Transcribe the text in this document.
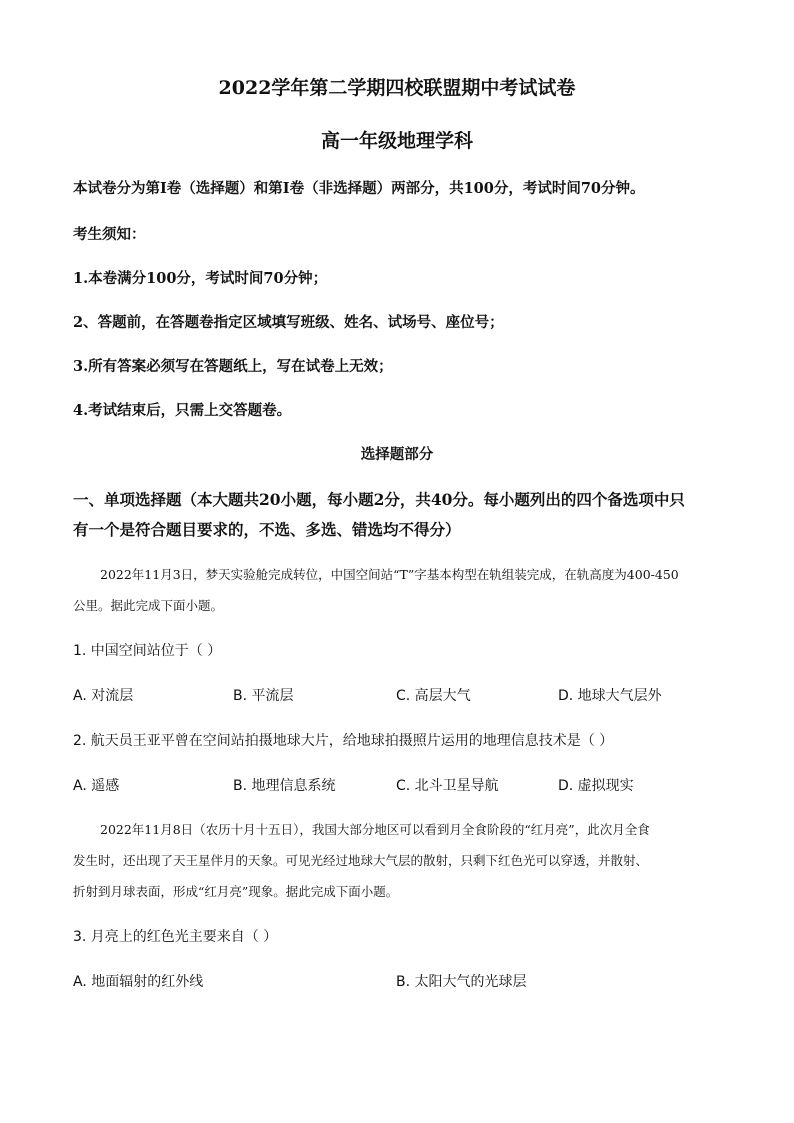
2022学年第二学期四校联盟期中考试试卷
高一年级地理学科
本试卷分为第Ⅰ卷（选择题）和第Ⅰ卷（非选择题）两部分，共100分，考试时间70分钟。
考生须知：
1.本卷满分100分，考试时间70分钟；
2、答题前，在答题卷指定区域填写班级、姓名、试场号、座位号；
3.所有答案必须写在答题纸上，写在试卷上无效；
4.考试结束后，只需上交答题卷。
选择题部分
一、单项选择题（本大题共20小题，每小题2分，共40分。每小题列出的四个备选项中只
有一个是符合题目要求的，不选、多选、错选均不得分）
2022年11月3日，梦天实验舱完成转位，中国空间站“T”字基本构型在轨组装完成，在轨高度为400-450
公里。据此完成下面小题。
1. 中国空间站位于（ ）
A. 对流层	B. 平流层	C. 高层大气	D. 地球大气层外
2. 航天员王亚平曾在空间站拍摄地球大片，给地球拍摄照片运用的地理信息技术是（ ）
A. 遥感	B. 地理信息系统	C. 北斗卫星导航	D. 虚拟现实
2022年11月8日（农历十月十五日），我国大部分地区可以看到月全食阶段的“红月亮”，此次月全食
发生时，还出现了天王星伴月的天象。可见光经过地球大气层的散射，只剩下红色光可以穿透，并散射、
折射到月球表面，形成“红月亮”现象。据此完成下面小题。
3. 月亮上的红色光主要来自（ ）
A. 地面辐射的红外线	B. 太阳大气的光球层
